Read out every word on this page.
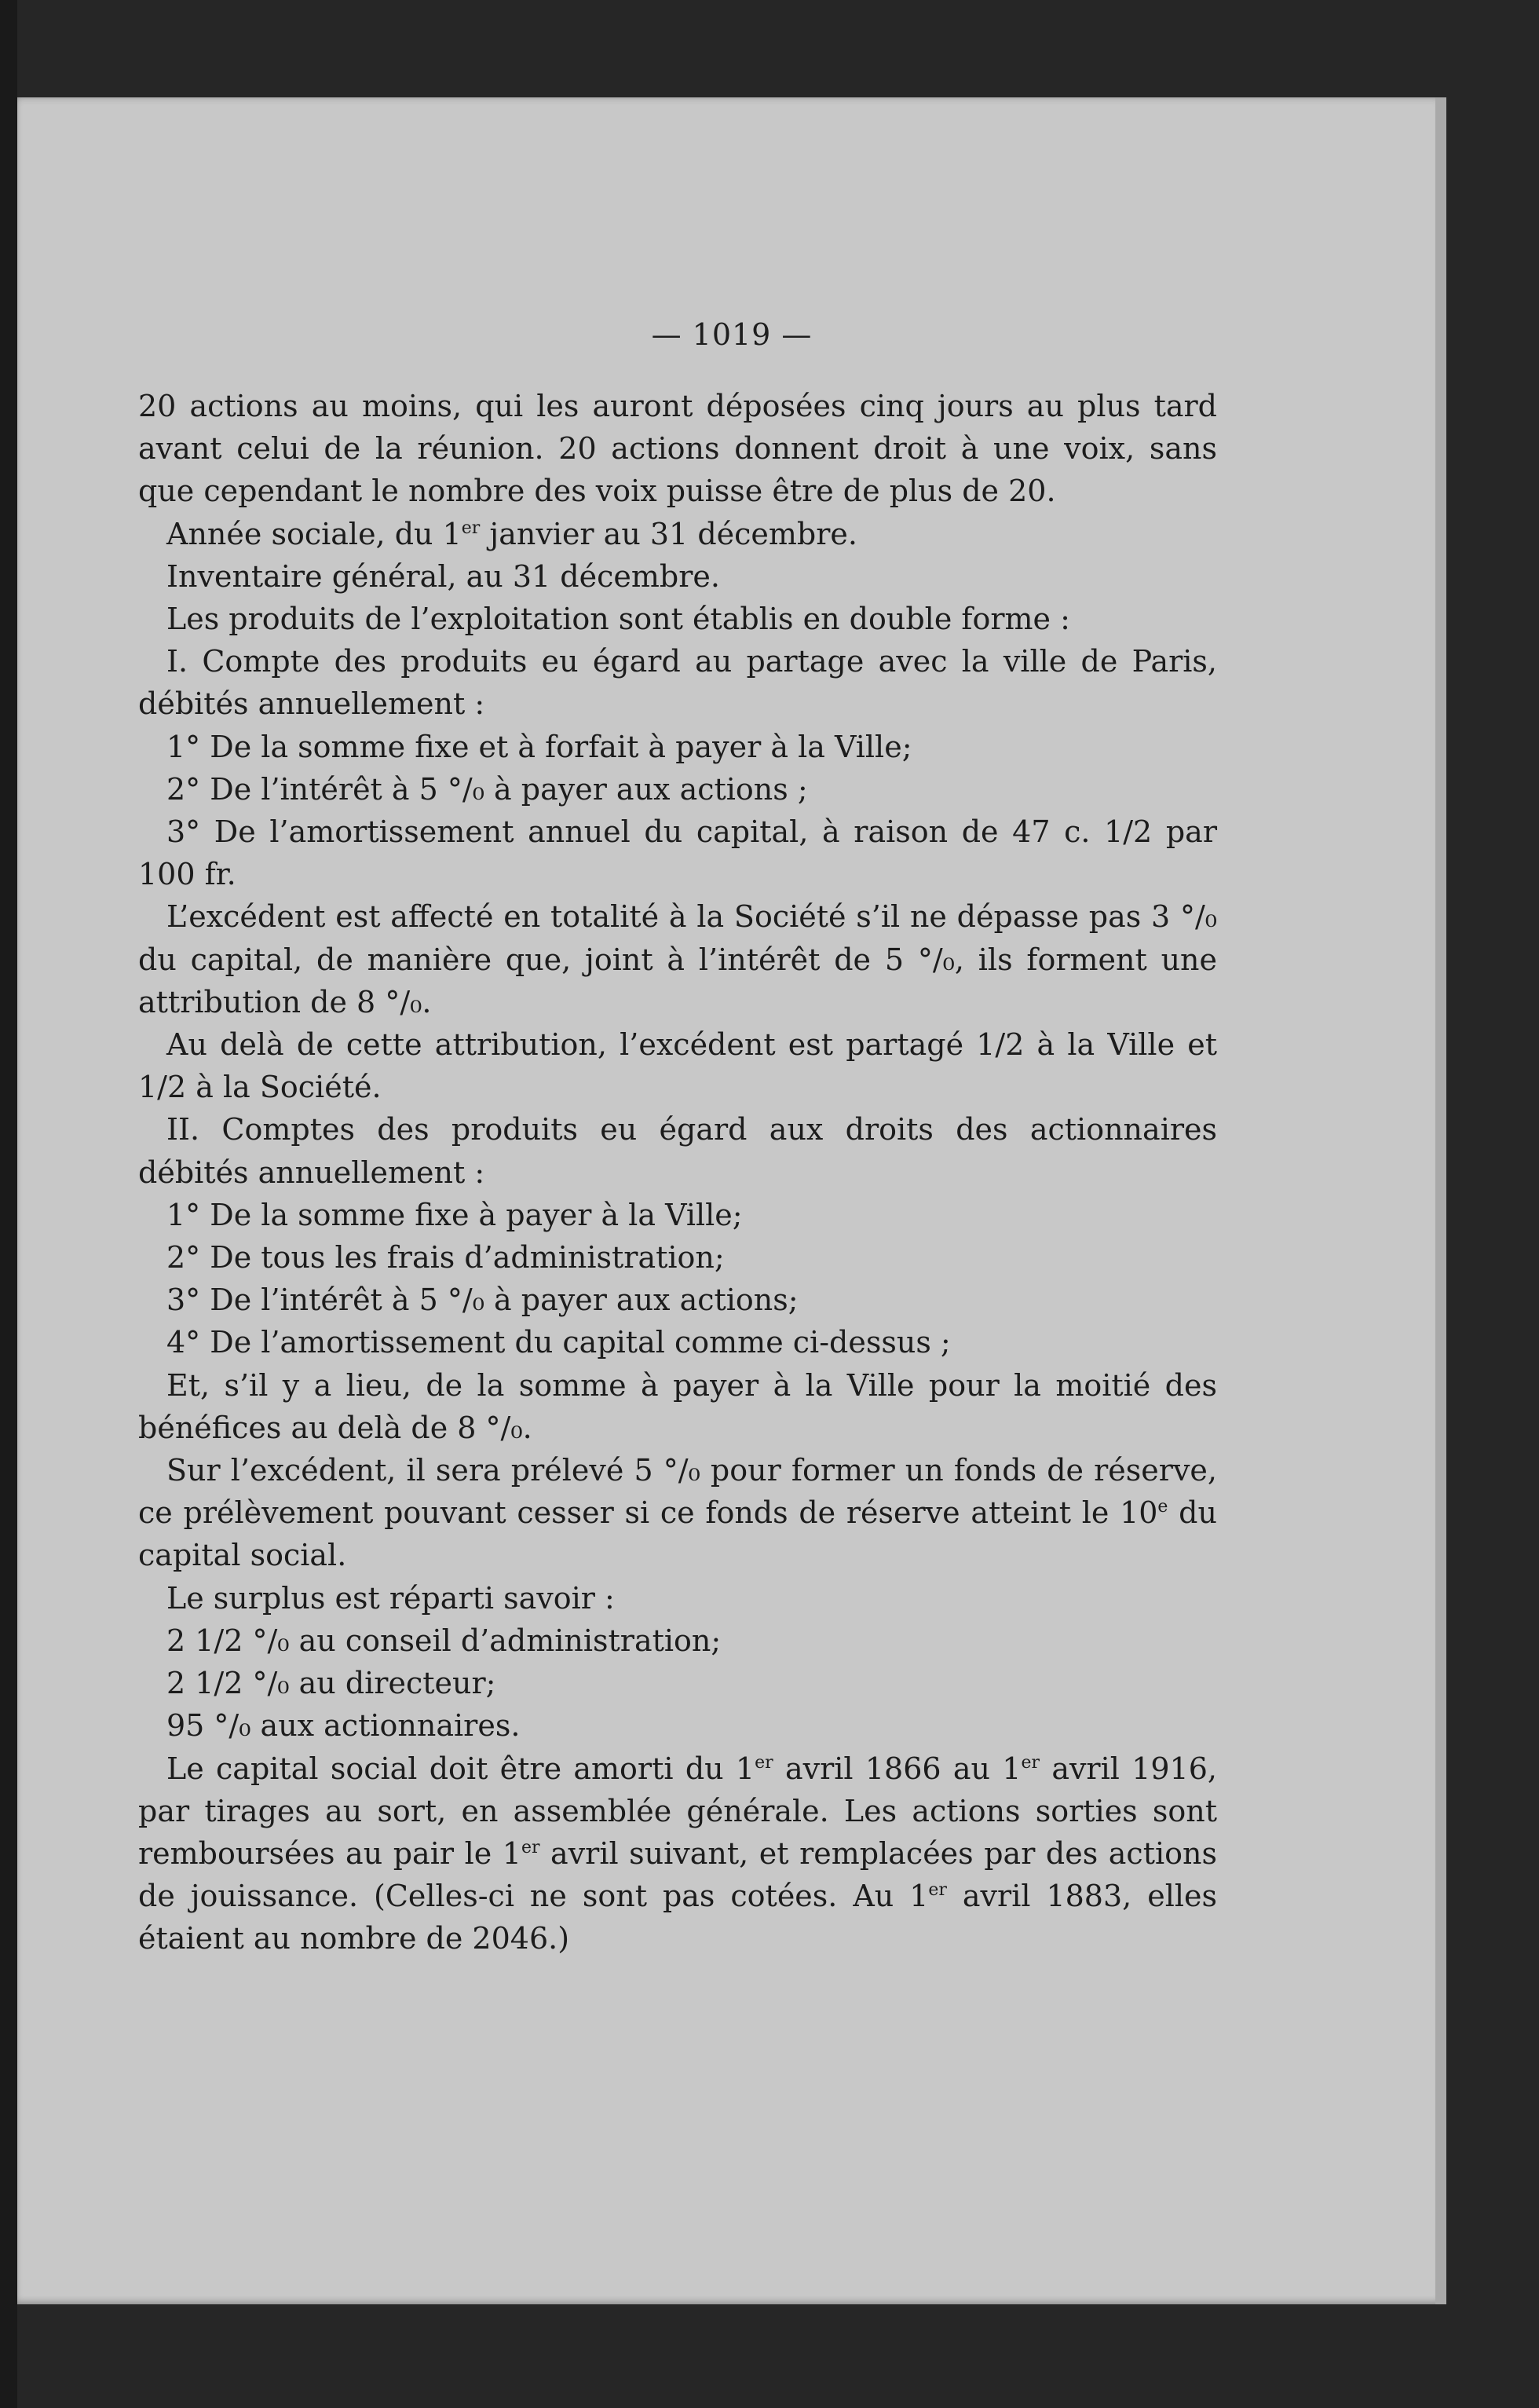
— 1019 —

20 actions au moins, qui les auront déposées cinq jours au plus tard avant celui de la réunion. 20 actions donnent droit à une voix, sans que cependant le nombre des voix puisse être de plus de 20.

Année sociale, du 1er janvier au 31 décembre.

Inventaire général, au 31 décembre.

Les produits de l’exploitation sont établis en double forme :

I. Compte des produits eu égard au partage avec la ville de Paris, débités annuellement :

1° De la somme fixe et à forfait à payer à la Ville;

2° De l’intérêt à 5 °/₀ à payer aux actions ;

3° De l’amortissement annuel du capital, à raison de 47 c. 1/2 par 100 fr.

L’excédent est affecté en totalité à la Société s’il ne dépasse pas 3 °/₀ du capital, de manière que, joint à l’intérêt de 5 °/₀, ils forment une attribution de 8 °/₀.

Au delà de cette attribution, l’excédent est partagé 1/2 à la Ville et 1/2 à la Société.

II. Comptes des produits eu égard aux droits des actionnaires débités annuellement :

1° De la somme fixe à payer à la Ville;

2° De tous les frais d’administration;

3° De l’intérêt à 5 °/₀ à payer aux actions;

4° De l’amortissement du capital comme ci-dessus ;

Et, s’il y a lieu, de la somme à payer à la Ville pour la moitié des bénéfices au delà de 8 °/₀.

Sur l’excédent, il sera prélevé 5 °/₀ pour former un fonds de réserve, ce prélèvement pouvant cesser si ce fonds de réserve atteint le 10e du capital social.

Le surplus est réparti savoir :

2 1/2 °/₀ au conseil d’administration;

2 1/2 °/₀ au directeur;

95 °/₀ aux actionnaires.

Le capital social doit être amorti du 1er avril 1866 au 1er avril 1916, par tirages au sort, en assemblée générale. Les actions sorties sont remboursées au pair le 1er avril suivant, et remplacées par des actions de jouissance. (Celles-ci ne sont pas cotées. Au 1er avril 1883, elles étaient au nombre de 2046.)
